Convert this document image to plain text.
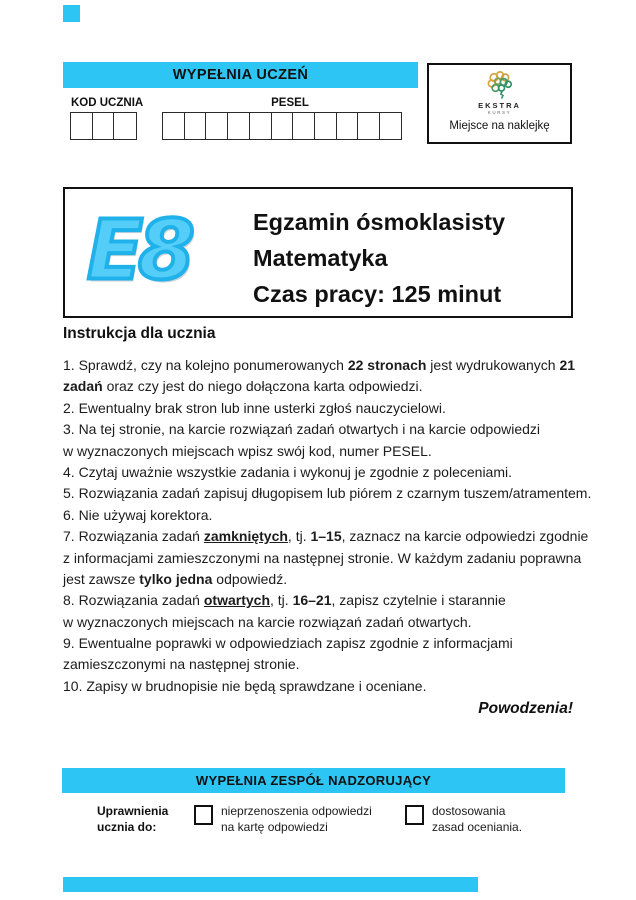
WYPEŁNIA UCZEŃ
KOD UCZNIA	PESEL	EKSTRA
KURSY
Miejsce na naklejkę
E8	Egzamin ósmoklasisty
Matematyka
Czas pracy: 125 minut
Instrukcja dla ucznia
1. Sprawdź, czy na kolejno ponumerowanych 22 stronach jest wydrukowanych 21
zadań oraz czy jest do niego dołączona karta odpowiedzi.
2. Ewentualny brak stron lub inne usterki zgłoś nauczycielowi.
3. Na tej stronie, na karcie rozwiązań zadań otwartych i na karcie odpowiedzi
w wyznaczonych miejscach wpisz swój kod, numer PESEL.
4. Czytaj uważnie wszystkie zadania i wykonuj je zgodnie z poleceniami.
5. Rozwiązania zadań zapisuj długopisem lub piórem z czarnym tuszem/atramentem.
6. Nie używaj korektora.
7. Rozwiązania zadań zamkniętych, tj. 1–15, zaznacz na karcie odpowiedzi zgodnie
z informacjami zamieszczonymi na następnej stronie. W każdym zadaniu poprawna
jest zawsze tylko jedna odpowiedź.
8. Rozwiązania zadań otwartych, tj. 16–21, zapisz czytelnie i starannie
w wyznaczonych miejscach na karcie rozwiązań zadań otwartych.
9. Ewentualne poprawki w odpowiedziach zapisz zgodnie z informacjami
zamieszczonymi na następnej stronie.
10. Zapisy w brudnopisie nie będą sprawdzane i oceniane.
Powodzenia!
WYPEŁNIA ZESPÓŁ NADZORUJĄCY
Uprawnienia
ucznia do:
nieprzenoszenia odpowiedzi
na kartę odpowiedzi
dostosowania
zasad oceniania.
